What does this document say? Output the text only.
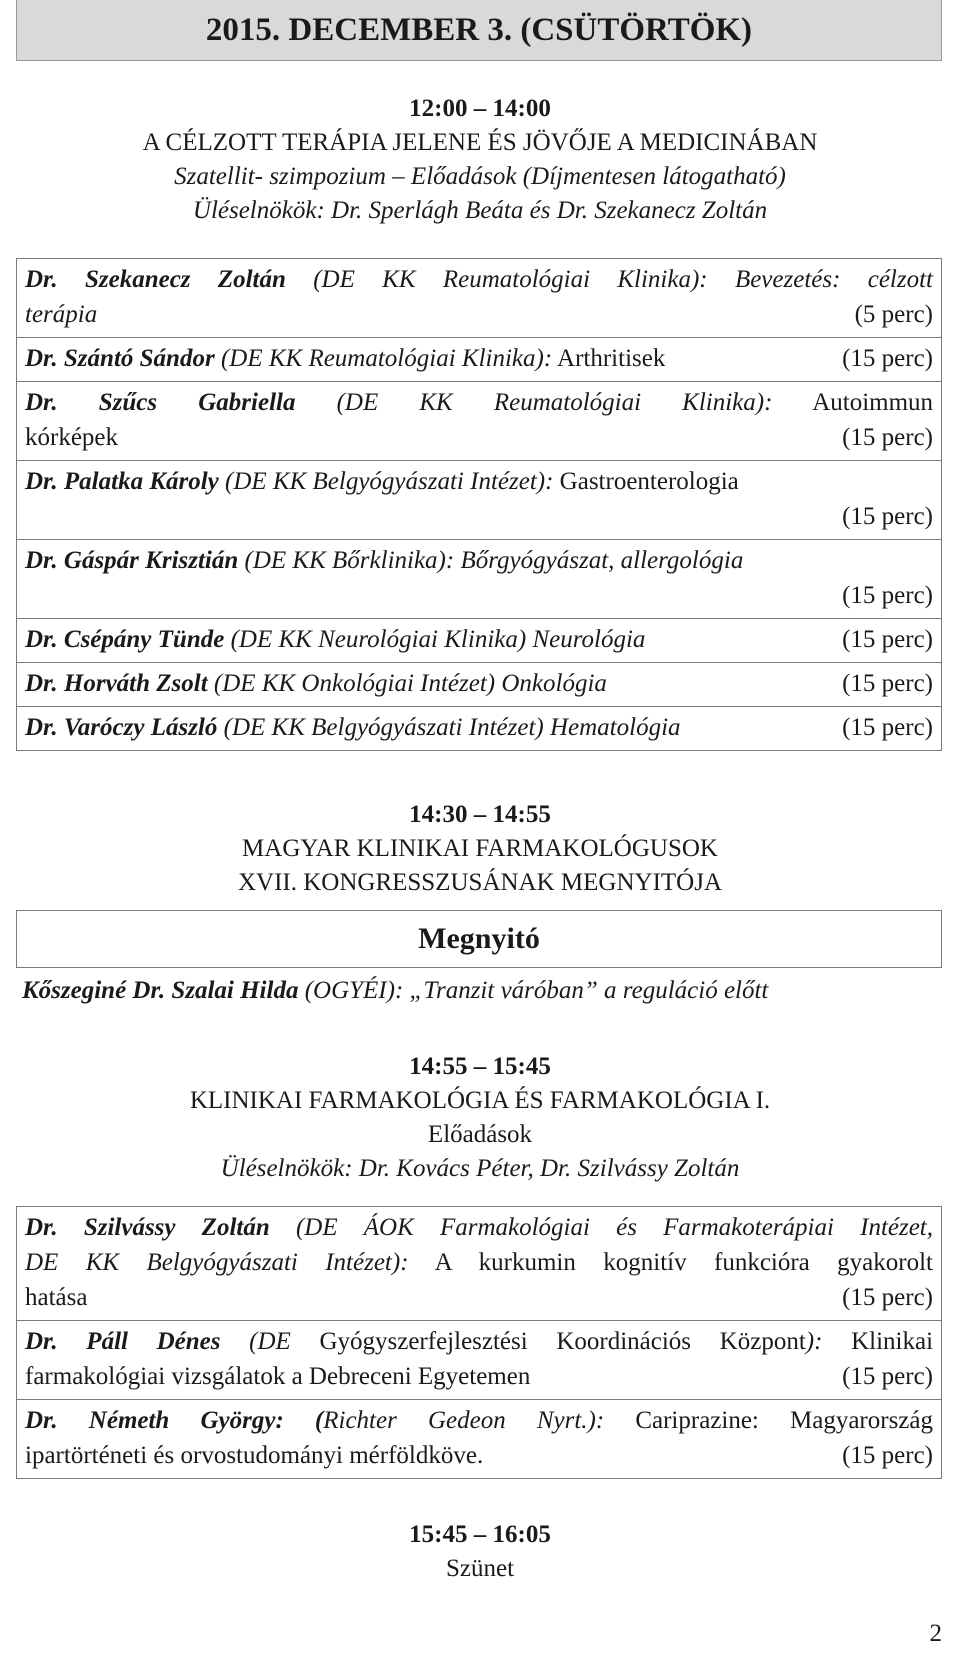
2015. DECEMBER 3. (CSÜTÖRTÖK)
12:00 – 14:00
A CÉLZOTT TERÁPIA JELENE ÉS JÖVŐJE A MEDICINÁBAN
Szatellit- szimpozium – Előadások (Díjmentesen látogatható)
Üléselnökök: Dr. Sperlágh Beáta és Dr. Szekanecz Zoltán
Dr. Szekanecz Zoltán (DE KK Reumatológiai Klinika): Bevezetés: célzott
terápia	(5 perc)
Dr. Szántó Sándor (DE KK Reumatológiai Klinika): Arthritisek	(15 perc)
Dr. Szűcs Gabriella (DE KK Reumatológiai Klinika): Autoimmun
kórképek	(15 perc)
Dr. Palatka Károly (DE KK Belgyógyászati Intézet): Gastroenterologia
(15 perc)
Dr. Gáspár Krisztián (DE KK Bőrklinika): Bőrgyógyászat, allergológia
(15 perc)
Dr. Csépány Tünde (DE KK Neurológiai Klinika) Neurológia	(15 perc)
Dr. Horváth Zsolt (DE KK Onkológiai Intézet) Onkológia	(15 perc)
Dr. Varóczy László (DE KK Belgyógyászati Intézet) Hematológia	(15 perc)
14:30 – 14:55
MAGYAR KLINIKAI FARMAKOLÓGUSOK
XVII. KONGRESSZUSÁNAK MEGNYITÓJA
Megnyitó
Kőszeginé Dr. Szalai Hilda (OGYÉI): „Tranzit váróban” a reguláció előtt
14:55 – 15:45
KLINIKAI FARMAKOLÓGIA ÉS FARMAKOLÓGIA I.
Előadások
Üléselnökök: Dr. Kovács Péter, Dr. Szilvássy Zoltán
Dr. Szilvássy Zoltán (DE ÁOK Farmakológiai és Farmakoterápiai Intézet,
DE KK Belgyógyászati Intézet): A kurkumin kognitív funkcióra gyakorolt
hatása	(15 perc)
Dr. Páll Dénes (DE Gyógyszerfejlesztési Koordinációs Központ): Klinikai
farmakológiai vizsgálatok a Debreceni Egyetemen	(15 perc)
Dr. Németh György: (Richter Gedeon Nyrt.): Cariprazine: Magyarország
ipartörténeti és orvostudományi mérföldköve.	(15 perc)
15:45 – 16:05
Szünet
2
